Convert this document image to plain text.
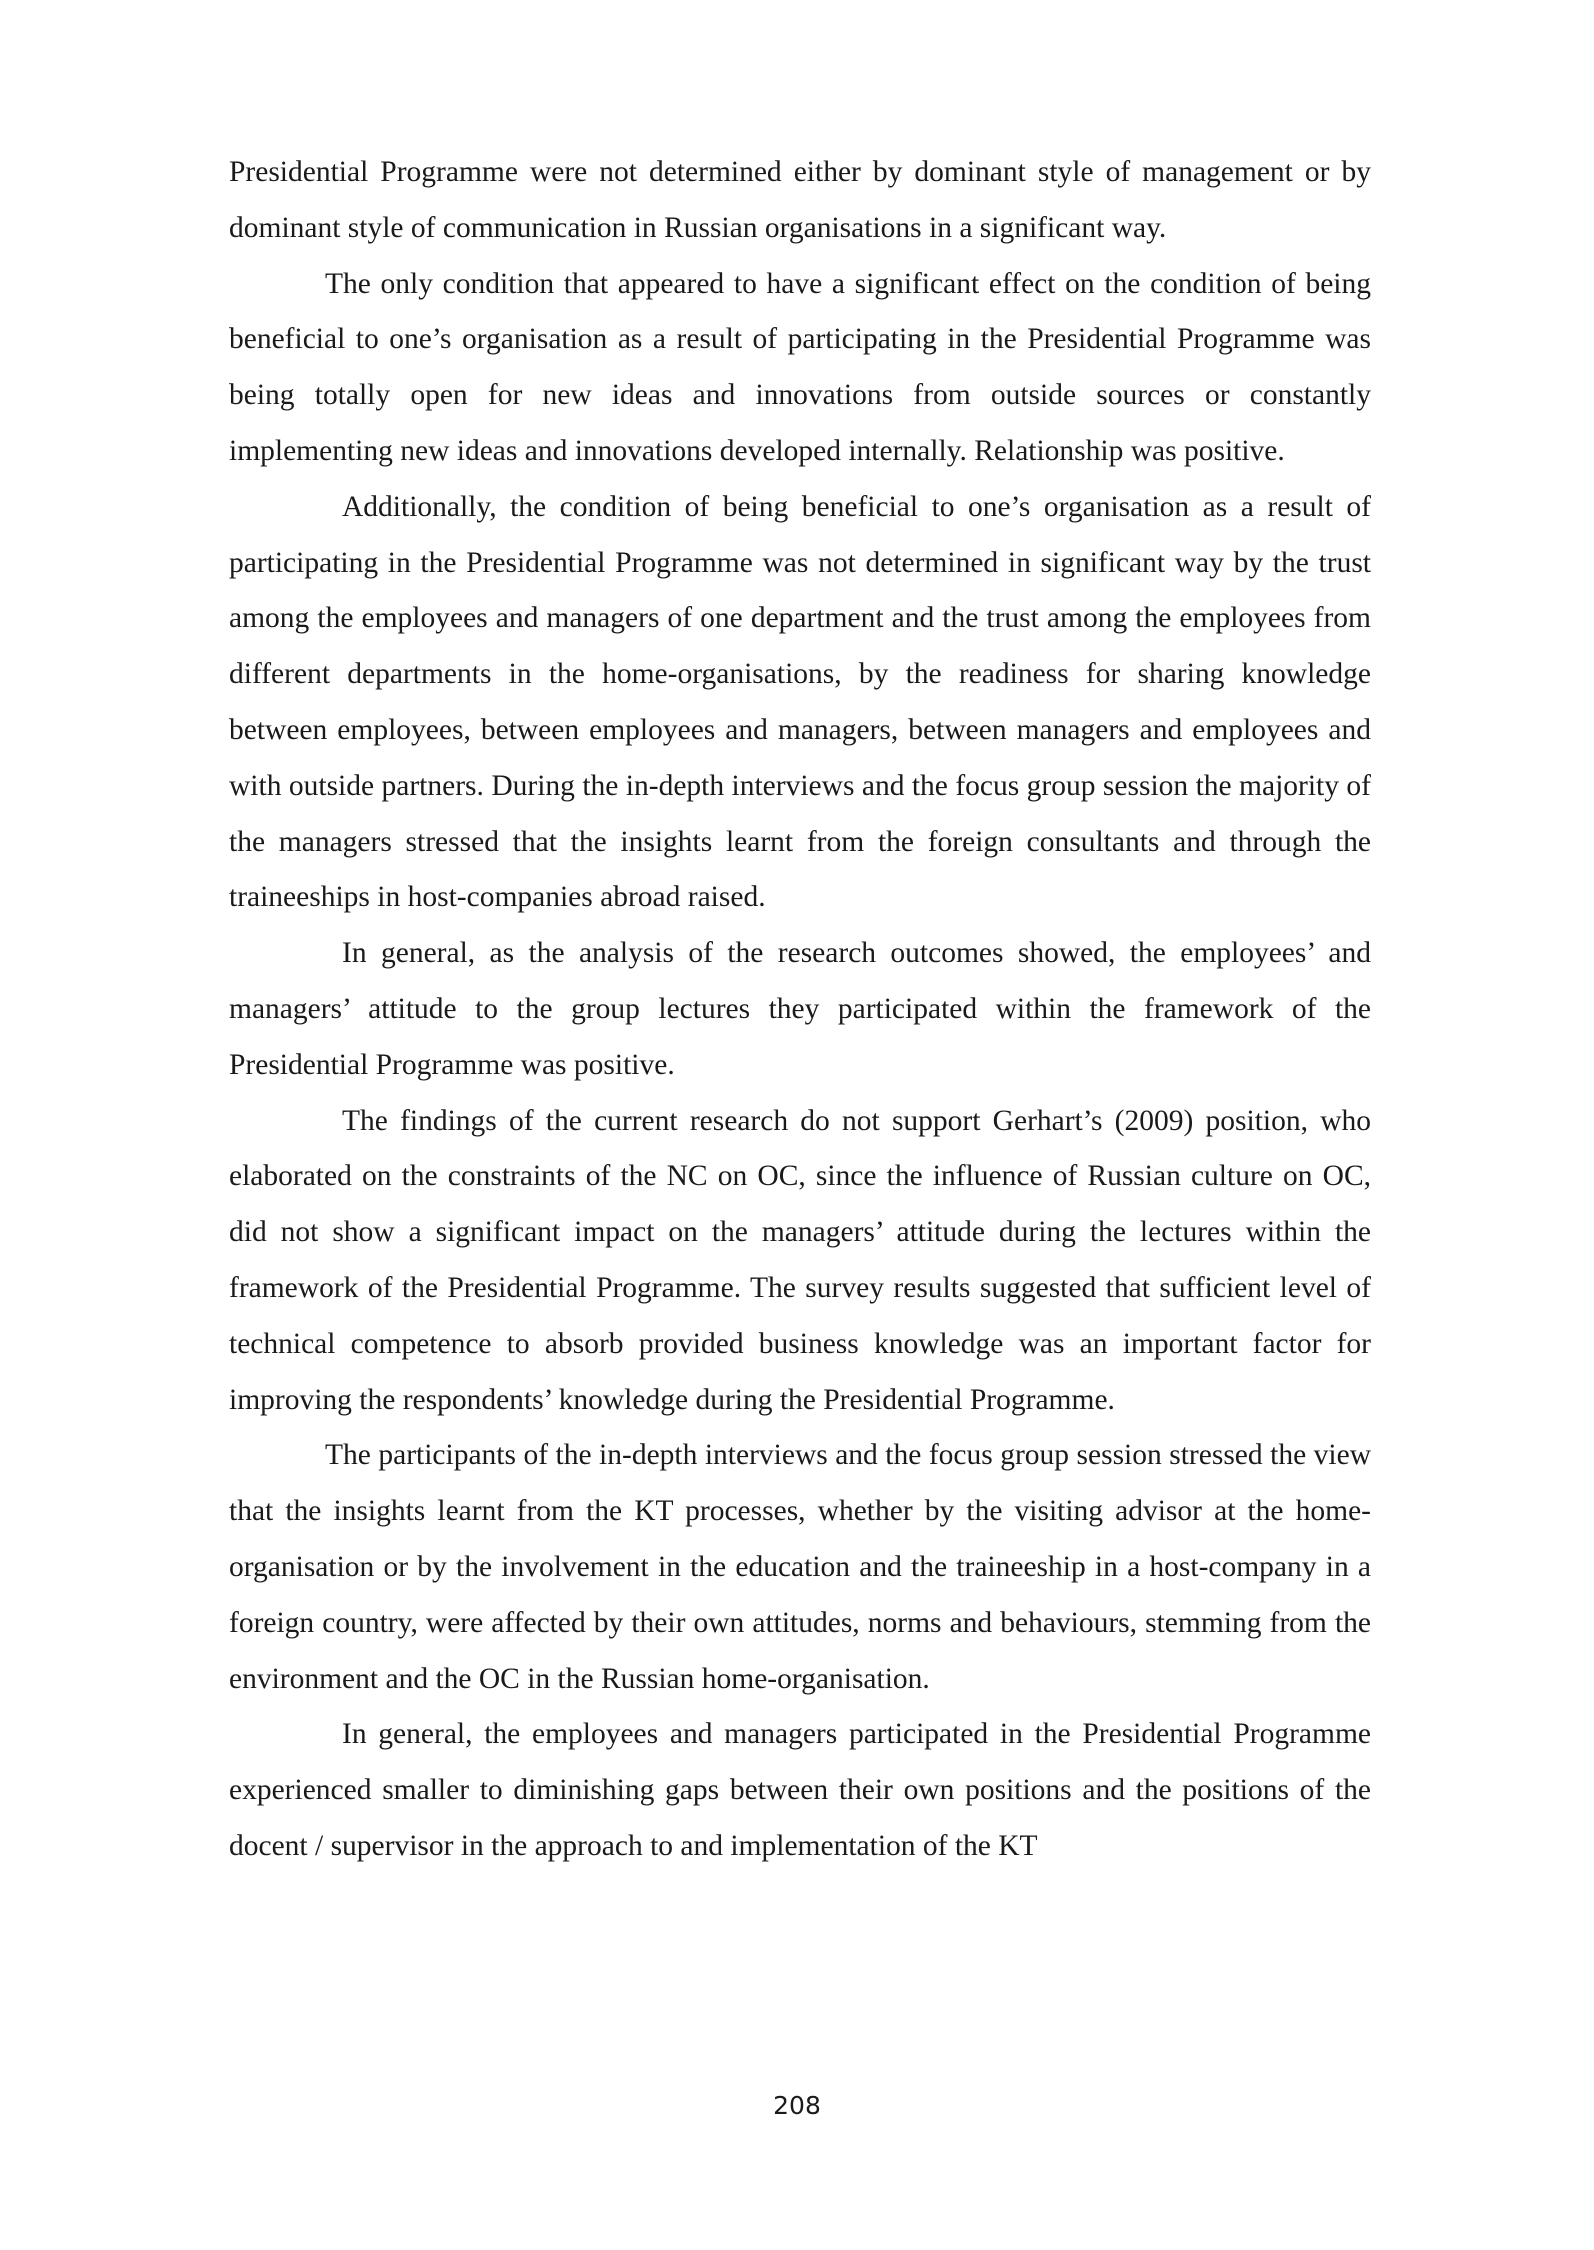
Presidential Programme were not determined either by dominant style of management or by dominant style of communication in Russian organisations in a significant way.

The only condition that appeared to have a significant effect on the condition of being beneficial to one’s organisation as a result of participating in the Presidential Programme was being totally open for new ideas and innovations from outside sources or constantly implementing new ideas and innovations developed internally. Relationship was positive.

Additionally, the condition of being beneficial to one’s organisation as a result of participating in the Presidential Programme was not determined in significant way by the trust among the employees and managers of one department and the trust among the employees from different departments in the home-organisations, by the readiness for sharing knowledge between employees, between employees and managers, between managers and employees and with outside partners. During the in-depth interviews and the focus group session the majority of the managers stressed that the insights learnt from the foreign consultants and through the traineeships in host-companies abroad raised.

In general, as the analysis of the research outcomes showed, the employees’ and managers’ attitude to the group lectures they participated within the framework of the Presidential Programme was positive.

The findings of the current research do not support Gerhart’s (2009) position, who elaborated on the constraints of the NC on OC, since the influence of Russian culture on OC, did not show a significant impact on the managers’ attitude during the lectures within the framework of the Presidential Programme. The survey results suggested that sufficient level of technical competence to absorb provided business knowledge was an important factor for improving the respondents’ knowledge during the Presidential Programme.

The participants of the in-depth interviews and the focus group session stressed the view that the insights learnt from the KT processes, whether by the visiting advisor at the home-organisation or by the involvement in the education and the traineeship in a host-company in a foreign country, were affected by their own attitudes, norms and behaviours, stemming from the environment and the OC in the Russian home-organisation.

In general, the employees and managers participated in the Presidential Programme experienced smaller to diminishing gaps between their own positions and the positions of the docent / supervisor in the approach to and implementation of the KT

208
